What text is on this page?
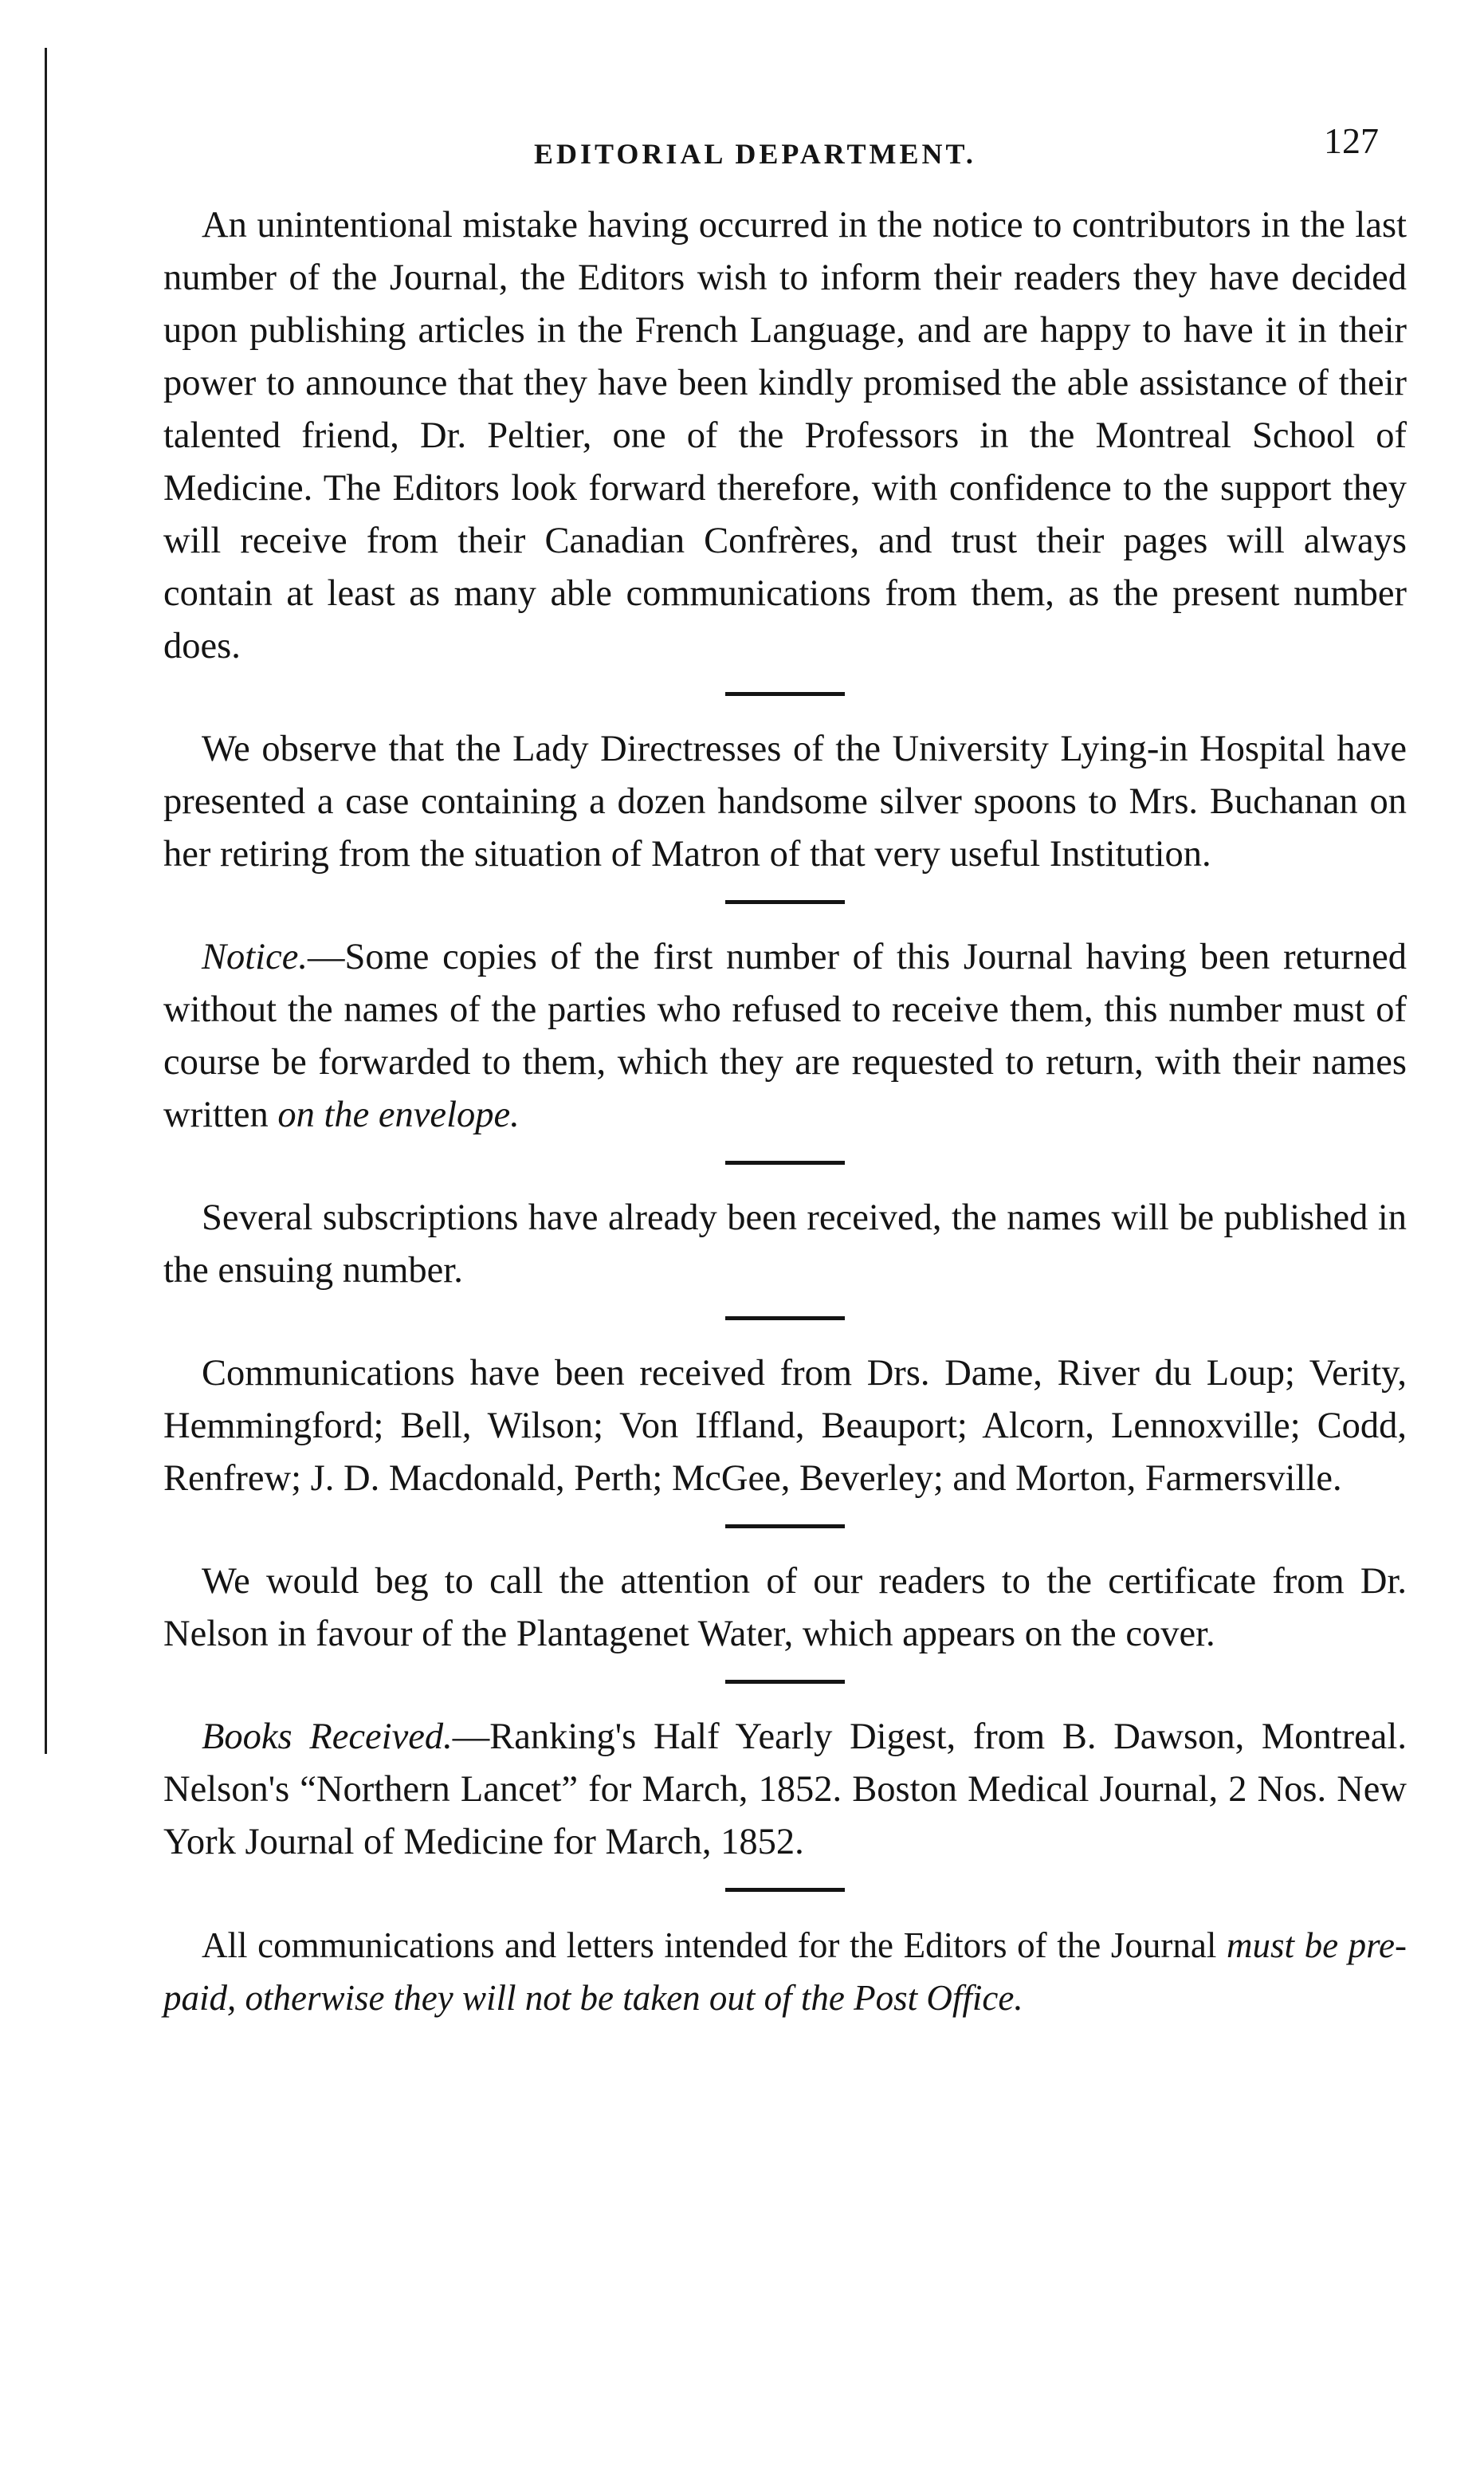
EDITORIAL DEPARTMENT.	127

An unintentional mistake having occurred in the notice to contributors in the last number of the Journal, the Editors wish to inform their readers they have decided upon publishing articles in the French Language, and are happy to have it in their power to announce that they have been kindly promised the able assistance of their talented friend, Dr. Peltier, one of the Professors in the Montreal School of Medicine. The Editors look forward therefore, with confidence to the support they will receive from their Canadian Confrères, and trust their pages will always contain at least as many able communications from them, as the present number does.

We observe that the Lady Directresses of the University Lying-in Hospital have presented a case containing a dozen handsome silver spoons to Mrs. Buchanan on her retiring from the situation of Matron of that very useful Institution.

Notice.—Some copies of the first number of this Journal having been returned without the names of the parties who refused to receive them, this number must of course be forwarded to them, which they are requested to return, with their names written on the envelope.

Several subscriptions have already been received, the names will be published in the ensuing number.

Communications have been received from Drs. Dame, River du Loup; Verity, Hemmingford; Bell, Wilson; Von Iffland, Beauport; Alcorn, Lennoxville; Codd, Renfrew; J. D. Macdonald, Perth; McGee, Beverley; and Morton, Farmersville.

We would beg to call the attention of our readers to the certificate from Dr. Nelson in favour of the Plantagenet Water, which appears on the cover.

Books Received.—Ranking's Half Yearly Digest, from B. Dawson, Montreal. Nelson's “Northern Lancet” for March, 1852. Boston Medical Journal, 2 Nos. New York Journal of Medicine for March, 1852.

All communications and letters intended for the Editors of the Journal must be pre-paid, otherwise they will not be taken out of the Post Office.
